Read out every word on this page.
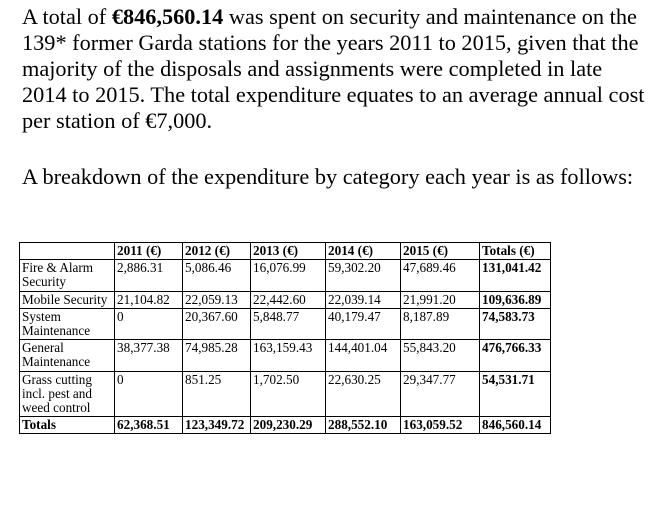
A total of €846,560.14 was spent on security and maintenance on the 139* former Garda stations for the years 2011 to 2015, given that the majority of the disposals and assignments were completed in late 2014 to 2015. The total expenditure equates to an average annual cost per station of €7,000.

A breakdown of the expenditure by category each year is as follows:

	2011 (€)	2012 (€)	2013 (€)	2014 (€)	2015 (€)	Totals (€)
Fire & Alarm Security	2,886.31	5,086.46	16,076.99	59,302.20	47,689.46	131,041.42
Mobile Security	21,104.82	22,059.13	22,442.60	22,039.14	21,991.20	109,636.89
System Maintenance	0	20,367.60	5,848.77	40,179.47	8,187.89	74,583.73
General Maintenance	38,377.38	74,985.28	163,159.43	144,401.04	55,843.20	476,766.33
Grass cutting incl. pest and weed control	0	851.25	1,702.50	22,630.25	29,347.77	54,531.71
Totals	62,368.51	123,349.72	209,230.29	288,552.10	163,059.52	846,560.14
